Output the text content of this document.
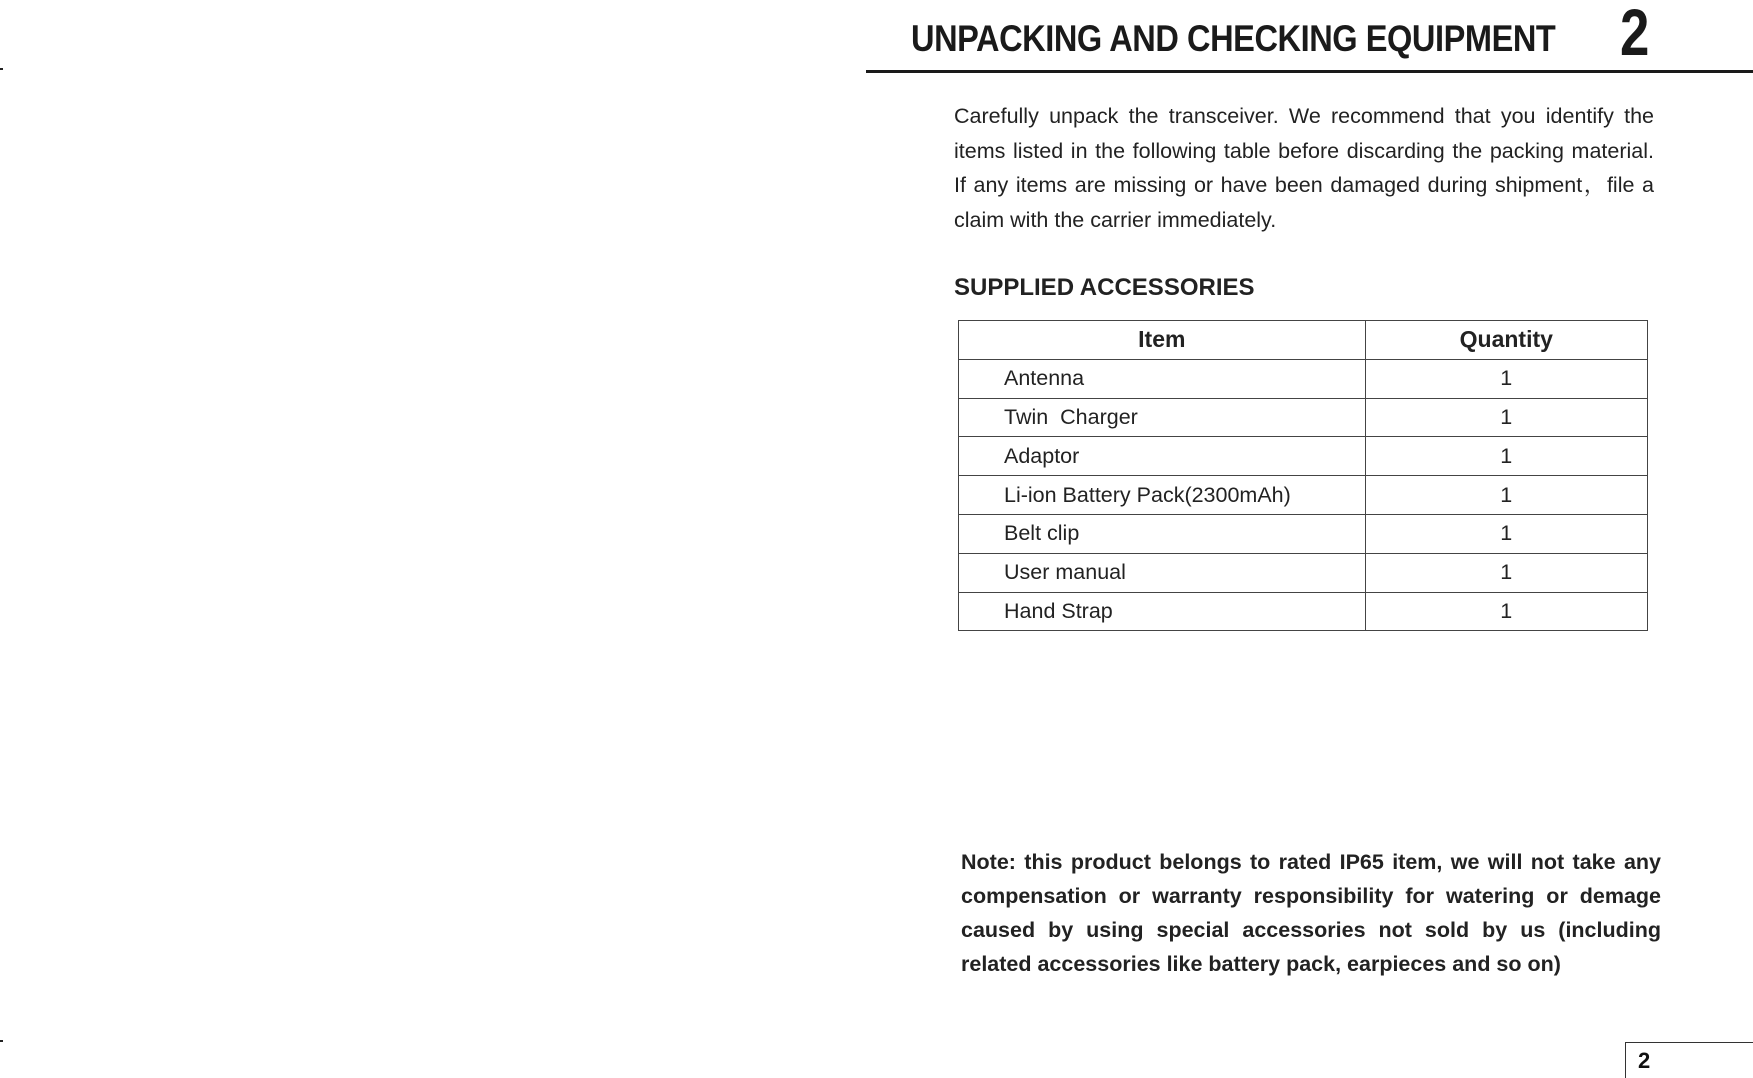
UNPACKING AND CHECKING EQUIPMENT 2

Carefully unpack the transceiver. We recommend that you identify the items listed in the following table before discarding the packing material. If any items are missing or have been damaged during shipment，file a claim with the carrier immediately.

SUPPLIED ACCESSORIES
Item	Quantity
Antenna	1
Twin  Charger	1
Adaptor	1
Li-ion Battery Pack(2300mAh)	1
Belt clip	1
User manual	1
Hand Strap	1

Note: this product belongs to rated IP65 item, we will not take any compensation or warranty responsibility for watering or demage caused by using special accessories not sold by us (including related accessories like battery pack, earpieces and so on)

2
